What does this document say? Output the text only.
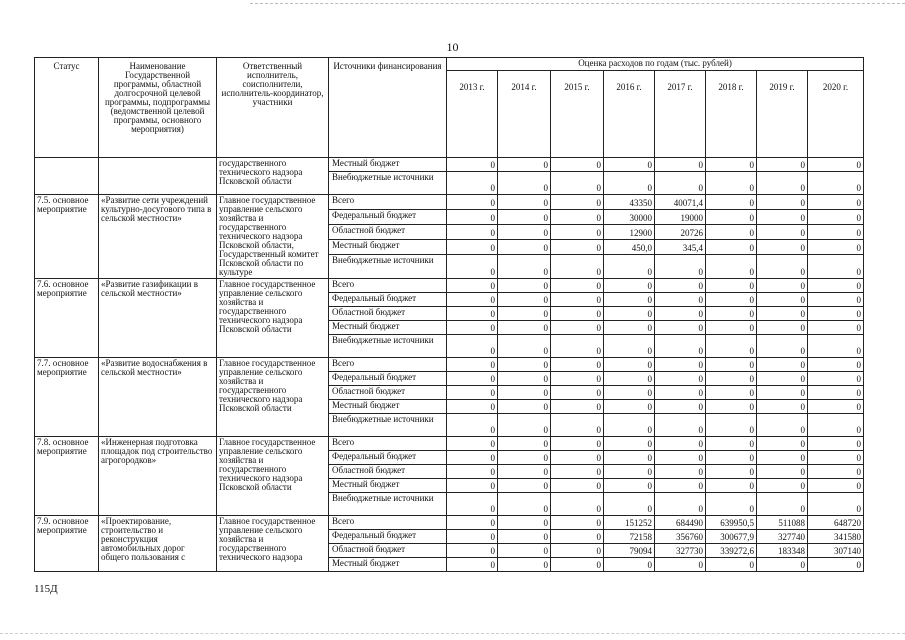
10
Статус	Наименование Государственной программы, областной долгосрочной целевой программы, подпрограммы (ведомственной целевой программы, основного мероприятия)	Ответственный исполнитель, соисполнители, исполнитель-координатор, участники	Источники финансирования	Оценка расходов по годам (тыс. рублей)							
				2013 г.	2014 г.	2015 г.	2016 г.	2017 г.	2018 г.	2019 г.	2020 г.
		государственного технического надзора Псковской области	Местный бюджет	0	0	0	0	0	0	0	0
			Внебюджетные источники	0	0	0	0	0	0	0	0
7.5. основное мероприятие	«Развитие сети учреждений культурно-досугового типа в сельской местности»	Главное государственное управление сельского хозяйства и государственного технического надзора Псковской области, Государственный комитет Псковской области по культуре	Всего	0	0	0	43350	40071,4	0	0	0
			Федеральный бюджет	0	0	0	30000	19000	0	0	0
			Областной бюджет	0	0	0	12900	20726	0	0	0
			Местный бюджет	0	0	0	450,0	345,4	0	0	0
			Внебюджетные источники	0	0	0	0	0	0	0	0
7.6. основное мероприятие	«Развитие газификации в сельской местности»	Главное государственное управление сельского хозяйства и государственного технического надзора Псковской области	Всего	0	0	0	0	0	0	0	0
			Федеральный бюджет	0	0	0	0	0	0	0	0
			Областной бюджет	0	0	0	0	0	0	0	0
			Местный бюджет	0	0	0	0	0	0	0	0
			Внебюджетные источники	0	0	0	0	0	0	0	0
7.7. основное мероприятие	«Развитие водоснабжения в сельской местности»	Главное государственное управление сельского хозяйства и государственного технического надзора Псковской области	Всего	0	0	0	0	0	0	0	0
			Федеральный бюджет	0	0	0	0	0	0	0	0
			Областной бюджет	0	0	0	0	0	0	0	0
			Местный бюджет	0	0	0	0	0	0	0	0
			Внебюджетные источники	0	0	0	0	0	0	0	0
7.8. основное мероприятие	«Инженерная подготовка площадок под строительство агрогородков»	Главное государственное управление сельского хозяйства и государственного технического надзора Псковской области	Всего	0	0	0	0	0	0	0	0
			Федеральный бюджет	0	0	0	0	0	0	0	0
			Областной бюджет	0	0	0	0	0	0	0	0
			Местный бюджет	0	0	0	0	0	0	0	0
			Внебюджетные источники	0	0	0	0	0	0	0	0
7.9. основное мероприятие	«Проектирование, строительство и реконструкция автомобильных дорог общего пользования с	Главное государственное управление сельского хозяйства и государственного технического надзора	Всего	0	0	0	151252	684490	639950,5	511088	648720
			Федеральный бюджет	0	0	0	72158	356760	300677,9	327740	341580
			Областной бюджет	0	0	0	79094	327730	339272,6	183348	307140
			Местный бюджет	0	0	0	0	0	0	0	0
115Д
